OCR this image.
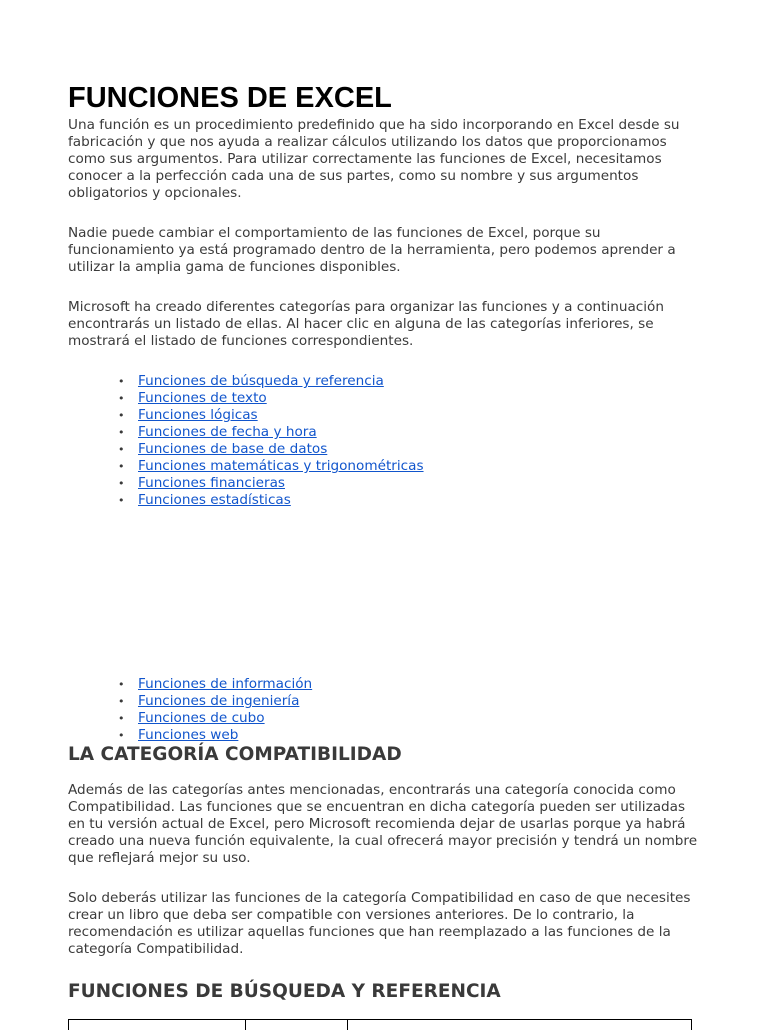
FUNCIONES DE EXCEL

Una función es un procedimiento predefinido que ha sido incorporando en Excel desde su fabricación y que nos ayuda a realizar cálculos utilizando los datos que proporcionamos como sus argumentos. Para utilizar correctamente las funciones de Excel, necesitamos conocer a la perfección cada una de sus partes, como su nombre y sus argumentos obligatorios y opcionales.

Nadie puede cambiar el comportamiento de las funciones de Excel, porque su funcionamiento ya está programado dentro de la herramienta, pero podemos aprender a utilizar la amplia gama de funciones disponibles.

Microsoft ha creado diferentes categorías para organizar las funciones y a continuación encontrarás un listado de ellas. Al hacer clic en alguna de las categorías inferiores, se mostrará el listado de funciones correspondientes.

• Funciones de búsqueda y referencia
• Funciones de texto
• Funciones lógicas
• Funciones de fecha y hora
• Funciones de base de datos
• Funciones matemáticas y trigonométricas
• Funciones financieras
• Funciones estadísticas
• Funciones de información
• Funciones de ingeniería
• Funciones de cubo
• Funciones web
LA CATEGORÍA COMPATIBILIDAD

Además de las categorías antes mencionadas, encontrarás una categoría conocida como Compatibilidad. Las funciones que se encuentran en dicha categoría pueden ser utilizadas en tu versión actual de Excel, pero Microsoft recomienda dejar de usarlas porque ya habrá creado una nueva función equivalente, la cual ofrecerá mayor precisión y tendrá un nombre que reflejará mejor su uso.

Solo deberás utilizar las funciones de la categoría Compatibilidad en caso de que necesites crear un libro que deba ser compatible con versiones anteriores. De lo contrario, la recomendación es utilizar aquellas funciones que han reemplazado a las funciones de la categoría Compatibilidad.

FUNCIONES DE BÚSQUEDA Y REFERENCIA
